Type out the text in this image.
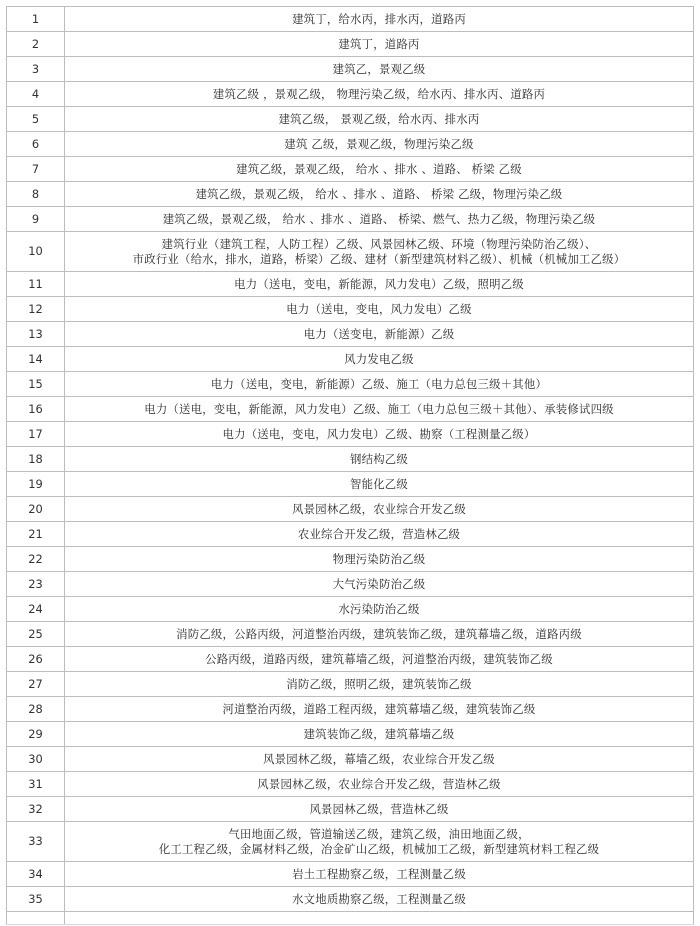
1	建筑丁，给水丙，排水丙，道路丙

2	建筑丁，道路丙

3	建筑乙，景观乙级

4	建筑乙级 ，景观乙级， 物理污染乙级，给水丙、排水丙、道路丙

5	建筑乙级， 景观乙级，给水丙、排水丙

6	建筑 乙级，景观乙级，物理污染乙级

7	建筑乙级，景观乙级， 给水 、排水 、道路、 桥梁 乙级

8	建筑乙级，景观乙级， 给水 、排水 、道路、 桥梁 乙级，物理污染乙级

9	建筑乙级，景观乙级， 给水 、排水 、道路、 桥梁、燃气、热力乙级，物理污染乙级

10	建筑行业（建筑工程，人防工程）乙级、风景园林乙级、环境（物理污染防治乙级）、
市政行业（给水，排水，道路，桥梁）乙级、建材（新型建筑材料乙级）、机械（机械加工乙级）

11	电力（送电，变电，新能源，风力发电）乙级，照明乙级

12	电力（送电，变电，风力发电）乙级

13	电力（送变电，新能源）乙级

14	风力发电乙级

15	电力（送电，变电，新能源）乙级、施工（电力总包三级＋其他）

16	电力（送电，变电，新能源，风力发电）乙级、施工（电力总包三级＋其他）、承装修试四级

17	电力（送电，变电，风力发电）乙级、勘察（工程测量乙级）

18	钢结构乙级

19	智能化乙级

20	风景园林乙级，农业综合开发乙级

21	农业综合开发乙级，营造林乙级

22	物理污染防治乙级

23	大气污染防治乙级

24	水污染防治乙级

25	消防乙级，公路丙级，河道整治丙级，建筑装饰乙级，建筑幕墙乙级，道路丙级

26	公路丙级，道路丙级，建筑幕墙乙级，河道整治丙级，建筑装饰乙级

27	消防乙级，照明乙级，建筑装饰乙级

28	河道整治丙级，道路工程丙级，建筑幕墙乙级，建筑装饰乙级

29	建筑装饰乙级，建筑幕墙乙级

30	风景园林乙级，幕墙乙级，农业综合开发乙级

31	风景园林乙级，农业综合开发乙级，营造林乙级

32	风景园林乙级，营造林乙级

33	气田地面乙级，管道输送乙级，建筑乙级，油田地面乙级，
化工工程乙级，金属材料乙级，冶金矿山乙级，机械加工乙级，新型建筑材料工程乙级

34	岩土工程勘察乙级，工程测量乙级

35	水文地质勘察乙级，工程测量乙级
